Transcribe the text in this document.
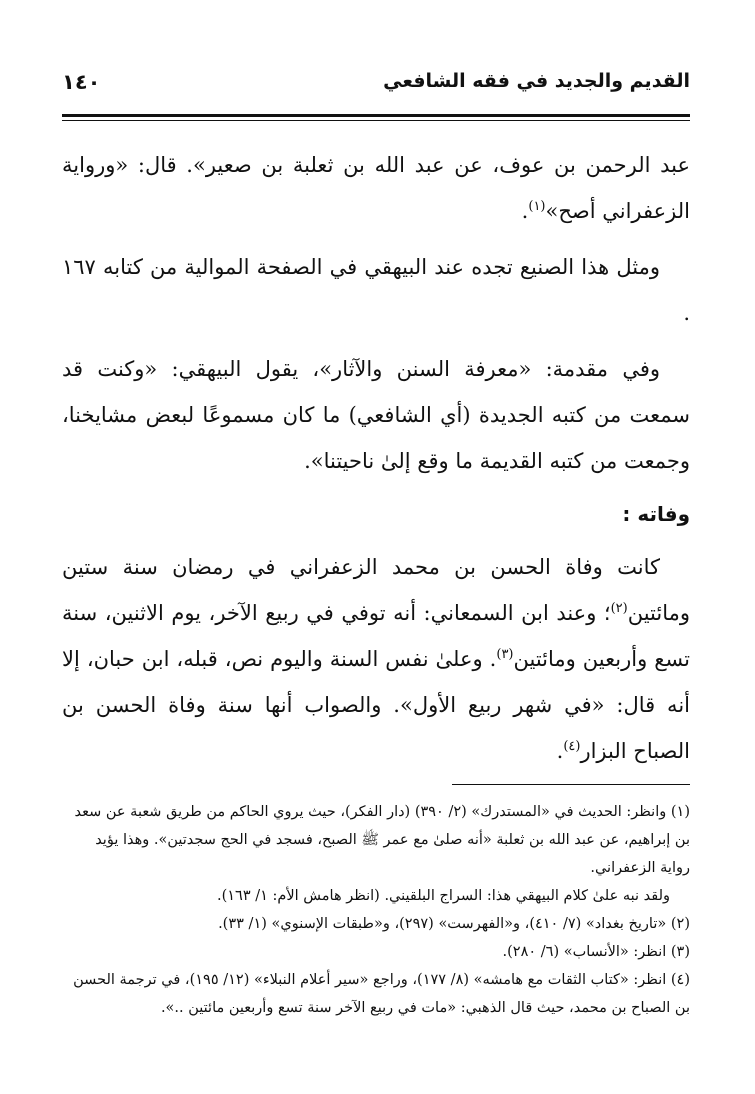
القديم والجديد في فقه الشافعي
١٤٠

عبد الرحمن بن عوف، عن عبد الله بن ثعلبة بن صعير». قال: «ورواية الزعفراني أصح»$^{(١)}$.

ومثل هذا الصنيع تجده عند البيهقي في الصفحة الموالية من كتابه ١٦٧ .

وفي مقدمة: «معرفة السنن والآثار»، يقول البيهقي: «وكنت قد سمعت من كتبه الجديدة (أي الشافعي) ما كان مسموعًا لبعض مشايخنا، وجمعت من كتبه القديمة ما وقع إلىٰ ناحيتنا».

وفاته :

كانت وفاة الحسن بن محمد الزعفراني في رمضان سنة ستين ومائتين$^{(٢)}$؛ وعند ابن السمعاني: أنه توفي في ربيع الآخر، يوم الاثنين، سنة تسع وأربعين ومائتين$^{(٣)}$. وعلىٰ نفس السنة واليوم نص، قبله، ابن حبان، إلا أنه قال: «في شهر ربيع الأول». والصواب أنها سنة وفاة الحسن بن الصباح البزار$^{(٤)}$.

(١) وانظر: الحديث في «المستدرك» (٢/ ٣٩٠) (دار الفكر)، حيث يروي الحاكم من طريق شعبة عن سعد بن إبراهيم، عن عبد الله بن ثعلبة «أنه صلىٰ مع عمر ﷺ الصبح، فسجد في الحج سجدتين». وهذا يؤيد رواية الزعفراني.

ولقد نبه علىٰ كلام البيهقي هذا: السراج البلقيني. (انظر هامش الأم: ١/ ١٦٣).

(٢) «تاريخ بغداد» (٧/ ٤١٠)، و«الفهرست» (٢٩٧)، و«طبقات الإسنوي» (١/ ٣٣).

(٣) انظر: «الأنساب» (٦/ ٢٨٠).

(٤) انظر: «كتاب الثقات مع هامشه» (٨/ ١٧٧)، وراجع «سير أعلام النبلاء» (١٢/ ١٩٥)، في ترجمة الحسن بن الصباح بن محمد، حيث قال الذهبي: «مات في ربيع الآخر سنة تسع وأربعين مائتين ..».
